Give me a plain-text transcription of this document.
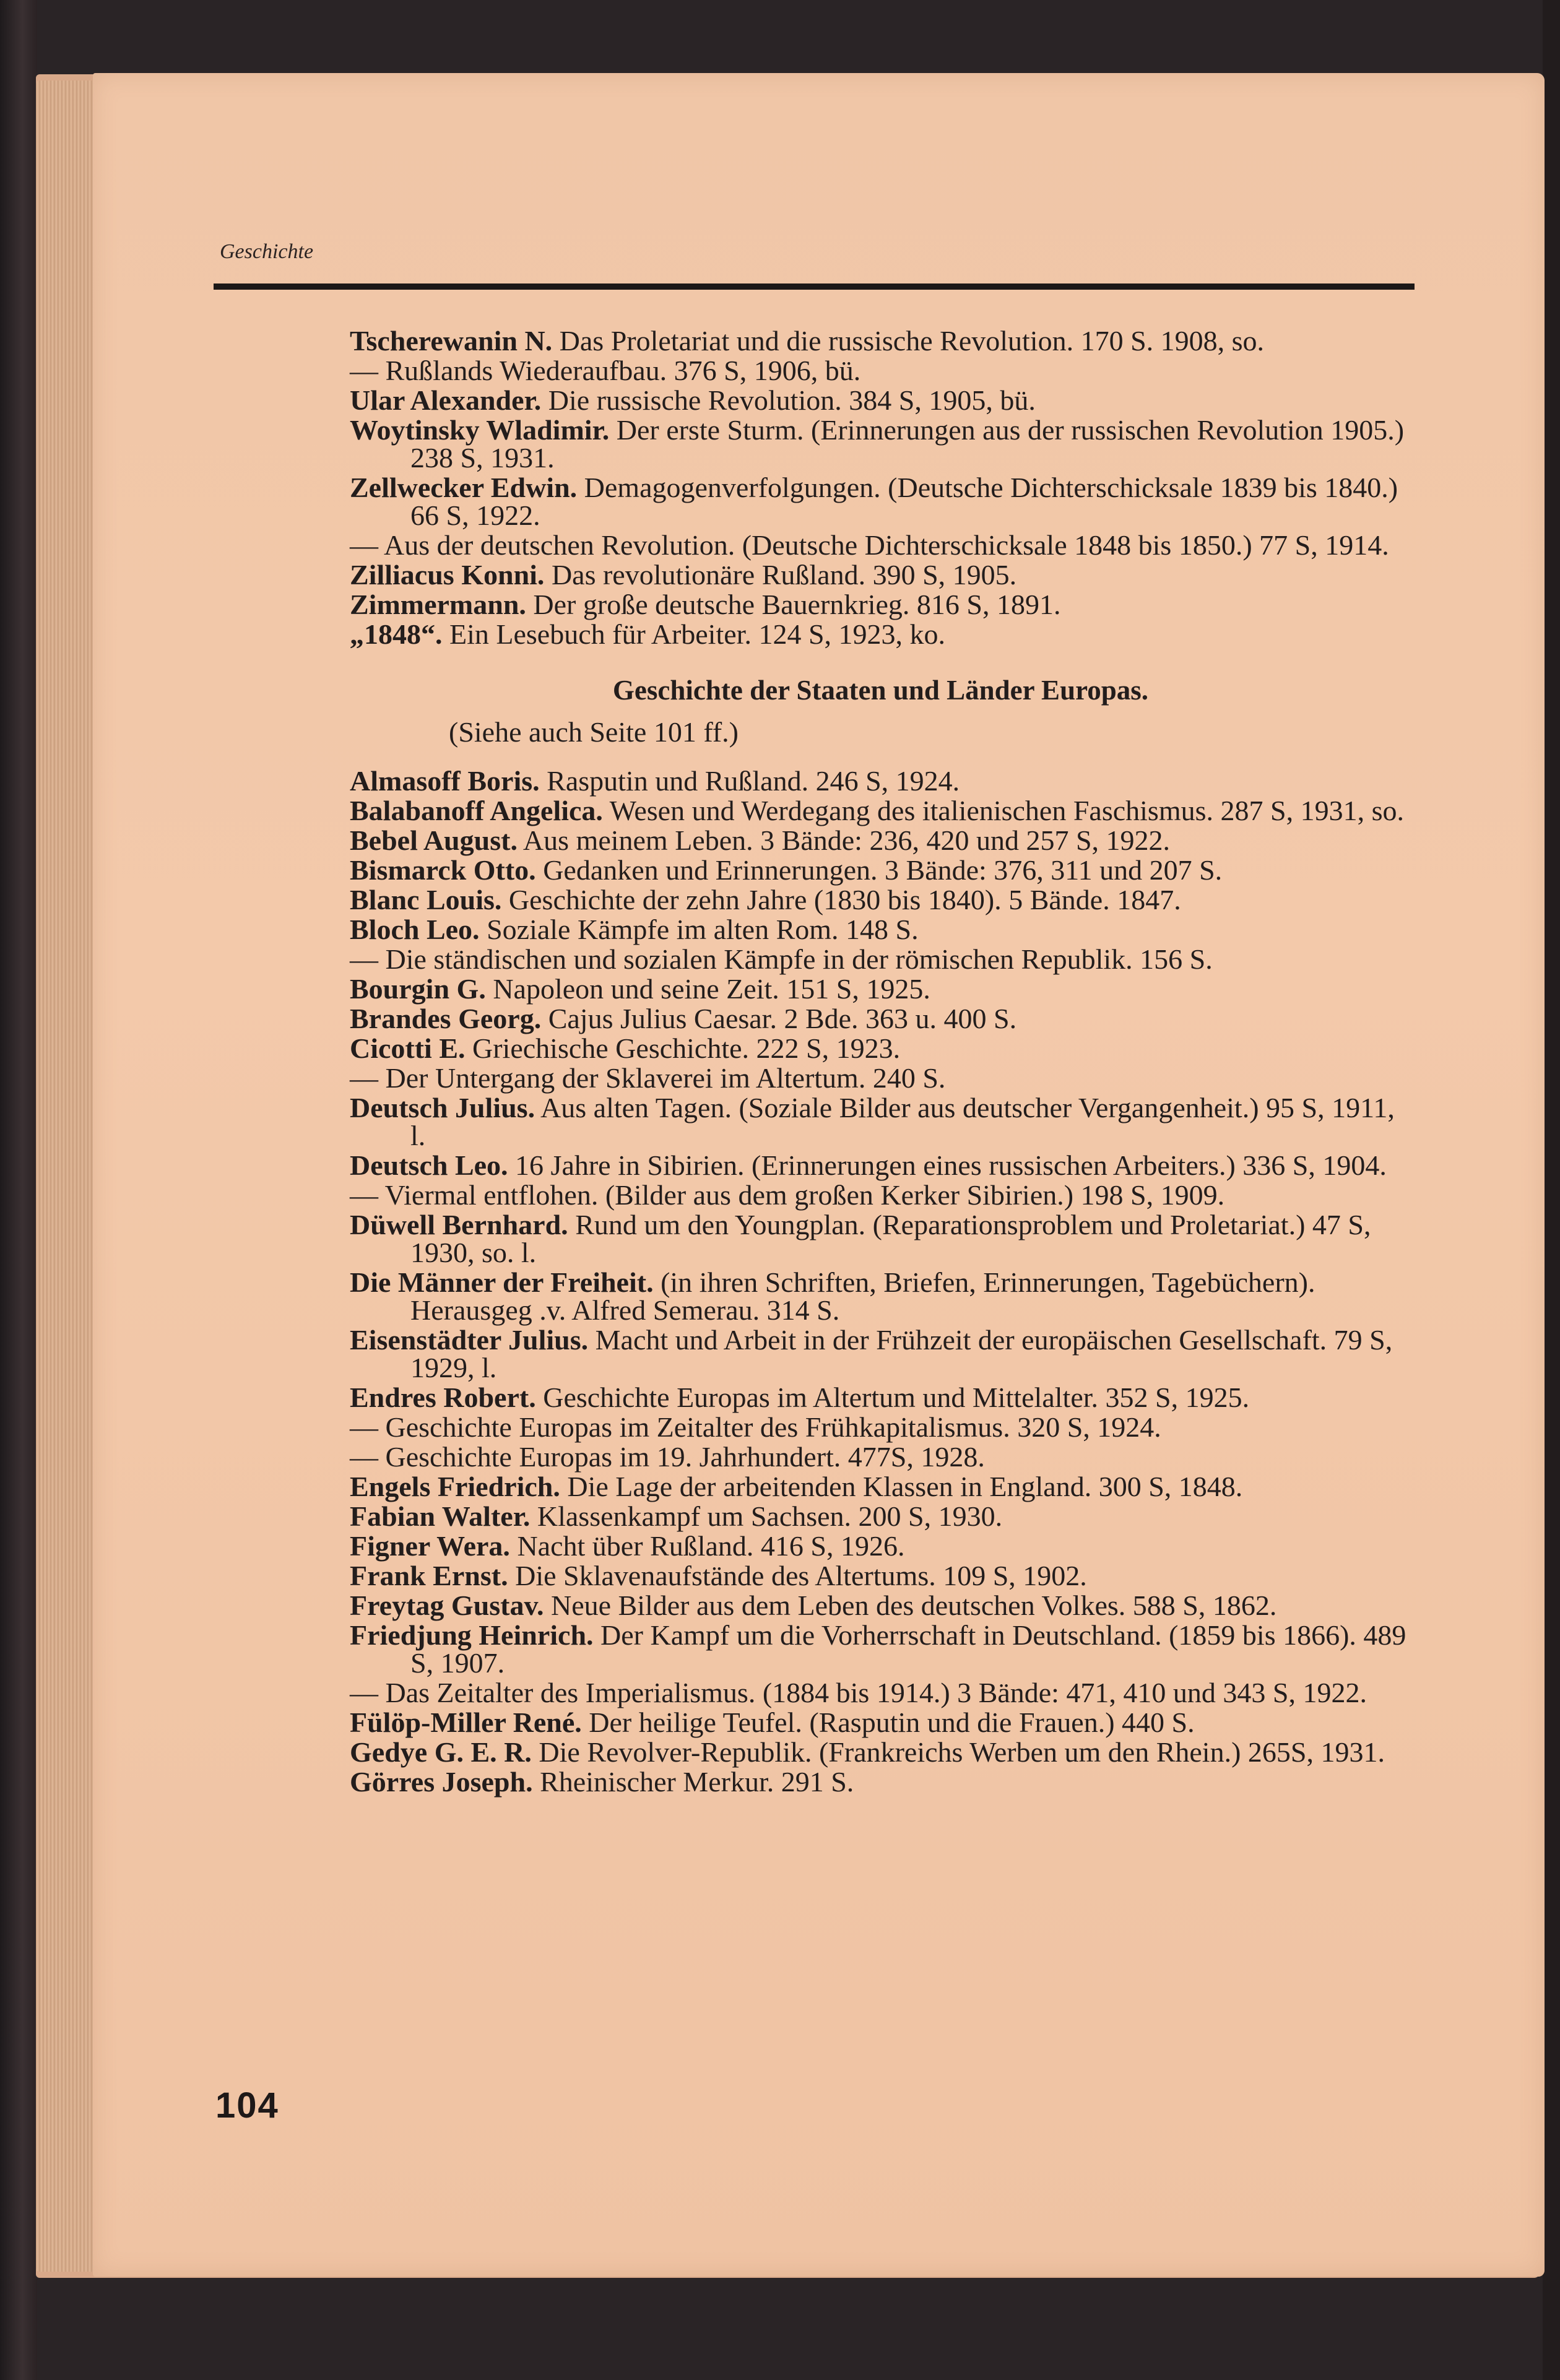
Geschichte
Tscherewanin N. Das Proletariat und die russische Revolution. 170 S. 1908, so.
— Rußlands Wiederaufbau. 376 S, 1906, bü.
Ular Alexander. Die russische Revolution. 384 S, 1905, bü.
Woytinsky Wladimir. Der erste Sturm. (Erinnerungen aus der russischen Revolution 1905.) 238 S, 1931.
Zellwecker Edwin. Demagogenverfolgungen. (Deutsche Dichterschicksale 1839 bis 1840.) 66 S, 1922.
— Aus der deutschen Revolution. (Deutsche Dichterschicksale 1848 bis 1850.) 77 S, 1914.
Zilliacus Konni. Das revolutionäre Rußland. 390 S, 1905.
Zimmermann. Der große deutsche Bauernkrieg. 816 S, 1891.
„1848“. Ein Lesebuch für Arbeiter. 124 S, 1923, ko.
Geschichte der Staaten und Länder Europas.
(Siehe auch Seite 101 ff.)
Almasoff Boris. Rasputin und Rußland. 246 S, 1924.
Balabanoff Angelica. Wesen und Werdegang des italienischen Faschismus. 287 S, 1931, so.
Bebel August. Aus meinem Leben. 3 Bände: 236, 420 und 257 S, 1922.
Bismarck Otto. Gedanken und Erinnerungen. 3 Bände: 376, 311 und 207 S.
Blanc Louis. Geschichte der zehn Jahre (1830 bis 1840). 5 Bände. 1847.
Bloch Leo. Soziale Kämpfe im alten Rom. 148 S.
— Die ständischen und sozialen Kämpfe in der römischen Republik. 156 S.
Bourgin G. Napoleon und seine Zeit. 151 S, 1925.
Brandes Georg. Cajus Julius Caesar. 2 Bde. 363 u. 400 S.
Cicotti E. Griechische Geschichte. 222 S, 1923.
— Der Untergang der Sklaverei im Altertum. 240 S.
Deutsch Julius. Aus alten Tagen. (Soziale Bilder aus deutscher Vergangenheit.) 95 S, 1911, l.
Deutsch Leo. 16 Jahre in Sibirien. (Erinnerungen eines russischen Arbeiters.) 336 S, 1904.
— Viermal entflohen. (Bilder aus dem großen Kerker Sibirien.) 198 S, 1909.
Düwell Bernhard. Rund um den Youngplan. (Reparationsproblem und Proletariat.) 47 S, 1930, so. l.
Die Männer der Freiheit. (in ihren Schriften, Briefen, Erinnerungen, Tagebüchern). Herausgeg .v. Alfred Semerau. 314 S.
Eisenstädter Julius. Macht und Arbeit in der Frühzeit der europäischen Gesellschaft. 79 S, 1929, l.
Endres Robert. Geschichte Europas im Altertum und Mittelalter. 352 S, 1925.
— Geschichte Europas im Zeitalter des Frühkapitalismus. 320 S, 1924.
— Geschichte Europas im 19. Jahrhundert. 477S, 1928.
Engels Friedrich. Die Lage der arbeitenden Klassen in England. 300 S, 1848.
Fabian Walter. Klassenkampf um Sachsen. 200 S, 1930.
Figner Wera. Nacht über Rußland. 416 S, 1926.
Frank Ernst. Die Sklavenaufstände des Altertums. 109 S, 1902.
Freytag Gustav. Neue Bilder aus dem Leben des deutschen Volkes. 588 S, 1862.
Friedjung Heinrich. Der Kampf um die Vorherrschaft in Deutschland. (1859 bis 1866). 489 S, 1907.
— Das Zeitalter des Imperialismus. (1884 bis 1914.) 3 Bände: 471, 410 und 343 S, 1922.
Fülöp-Miller René. Der heilige Teufel. (Rasputin und die Frauen.) 440 S.
Gedye G. E. R. Die Revolver-Republik. (Frankreichs Werben um den Rhein.) 265S, 1931.
Görres Joseph. Rheinischer Merkur. 291 S.
104
